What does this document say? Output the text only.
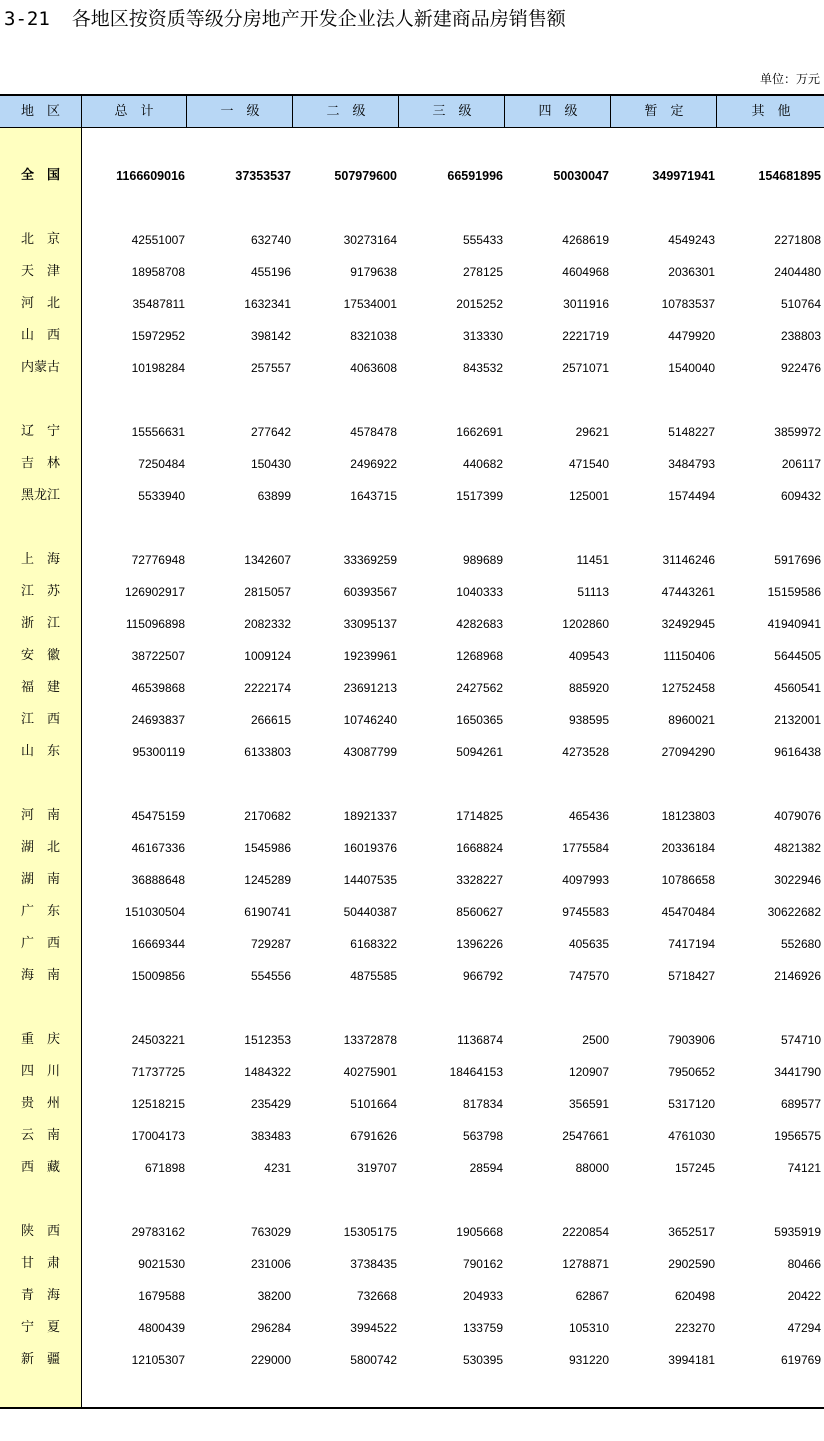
3-21 各地区按资质等级分房地产开发企业法人新建商品房销售额
单位：万元
地　区	总　计	一　级	二　级	三　级	四　级	暂　定	其　他
全　国	1166609016	37353537	507979600	66591996	50030047	349971941	154681895
北　京	42551007	632740	30273164	555433	4268619	4549243	2271808
天　津	18958708	455196	9179638	278125	4604968	2036301	2404480
河　北	35487811	1632341	17534001	2015252	3011916	10783537	510764
山　西	15972952	398142	8321038	313330	2221719	4479920	238803
内蒙古	10198284	257557	4063608	843532	2571071	1540040	922476
辽　宁	15556631	277642	4578478	1662691	29621	5148227	3859972
吉　林	7250484	150430	2496922	440682	471540	3484793	206117
黑龙江	5533940	63899	1643715	1517399	125001	1574494	609432
上　海	72776948	1342607	33369259	989689	11451	31146246	5917696
江　苏	126902917	2815057	60393567	1040333	51113	47443261	15159586
浙　江	115096898	2082332	33095137	4282683	1202860	32492945	41940941
安　徽	38722507	1009124	19239961	1268968	409543	11150406	5644505
福　建	46539868	2222174	23691213	2427562	885920	12752458	4560541
江　西	24693837	266615	10746240	1650365	938595	8960021	2132001
山　东	95300119	6133803	43087799	5094261	4273528	27094290	9616438
河　南	45475159	2170682	18921337	1714825	465436	18123803	4079076
湖　北	46167336	1545986	16019376	1668824	1775584	20336184	4821382
湖　南	36888648	1245289	14407535	3328227	4097993	10786658	3022946
广　东	151030504	6190741	50440387	8560627	9745583	45470484	30622682
广　西	16669344	729287	6168322	1396226	405635	7417194	552680
海　南	15009856	554556	4875585	966792	747570	5718427	2146926
重　庆	24503221	1512353	13372878	1136874	2500	7903906	574710
四　川	71737725	1484322	40275901	18464153	120907	7950652	3441790
贵　州	12518215	235429	5101664	817834	356591	5317120	689577
云　南	17004173	383483	6791626	563798	2547661	4761030	1956575
西　藏	671898	4231	319707	28594	88000	157245	74121
陕　西	29783162	763029	15305175	1905668	2220854	3652517	5935919
甘　肃	9021530	231006	3738435	790162	1278871	2902590	80466
青　海	1679588	38200	732668	204933	62867	620498	20422
宁　夏	4800439	296284	3994522	133759	105310	223270	47294
新　疆	12105307	229000	5800742	530395	931220	3994181	619769
